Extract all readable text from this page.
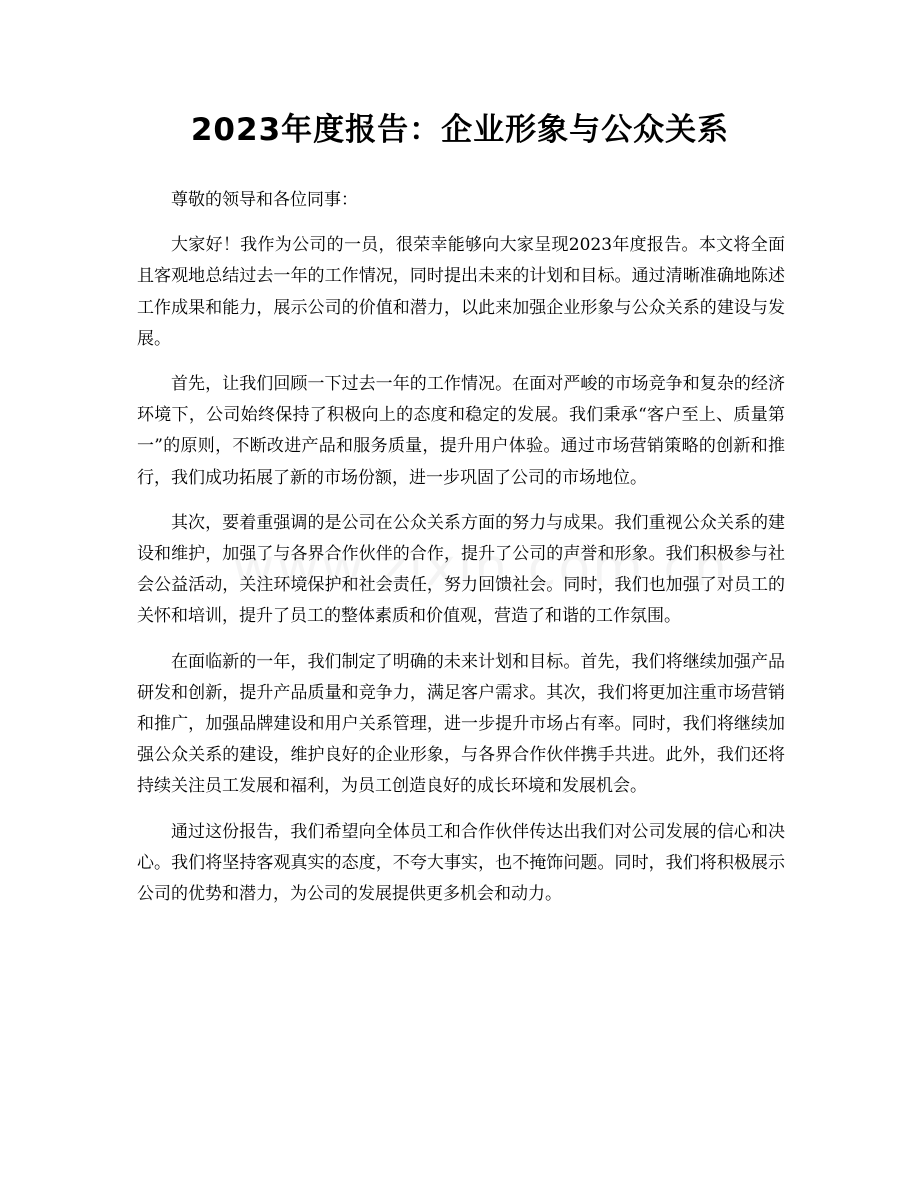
2023年度报告：企业形象与公众关系

尊敬的领导和各位同事：

大家好！我作为公司的一员，很荣幸能够向大家呈现2023年度报告。本文将全面且客观地总结过去一年的工作情况，同时提出未来的计划和目标。通过清晰准确地陈述工作成果和能力，展示公司的价值和潜力，以此来加强企业形象与公众关系的建设与发展。

首先，让我们回顾一下过去一年的工作情况。在面对严峻的市场竞争和复杂的经济环境下，公司始终保持了积极向上的态度和稳定的发展。我们秉承“客户至上、质量第一”的原则，不断改进产品和服务质量，提升用户体验。通过市场营销策略的创新和推行，我们成功拓展了新的市场份额，进一步巩固了公司的市场地位。

其次，要着重强调的是公司在公众关系方面的努力与成果。我们重视公众关系的建设和维护，加强了与各界合作伙伴的合作，提升了公司的声誉和形象。我们积极参与社会公益活动，关注环境保护和社会责任，努力回馈社会。同时，我们也加强了对员工的关怀和培训，提升了员工的整体素质和价值观，营造了和谐的工作氛围。

在面临新的一年，我们制定了明确的未来计划和目标。首先，我们将继续加强产品研发和创新，提升产品质量和竞争力，满足客户需求。其次，我们将更加注重市场营销和推广，加强品牌建设和用户关系管理，进一步提升市场占有率。同时，我们将继续加强公众关系的建设，维护良好的企业形象，与各界合作伙伴携手共进。此外，我们还将持续关注员工发展和福利，为员工创造良好的成长环境和发展机会。

通过这份报告，我们希望向全体员工和合作伙伴传达出我们对公司发展的信心和决心。我们将坚持客观真实的态度，不夸大事实，也不掩饰问题。同时，我们将积极展示公司的优势和潜力，为公司的发展提供更多机会和动力。
